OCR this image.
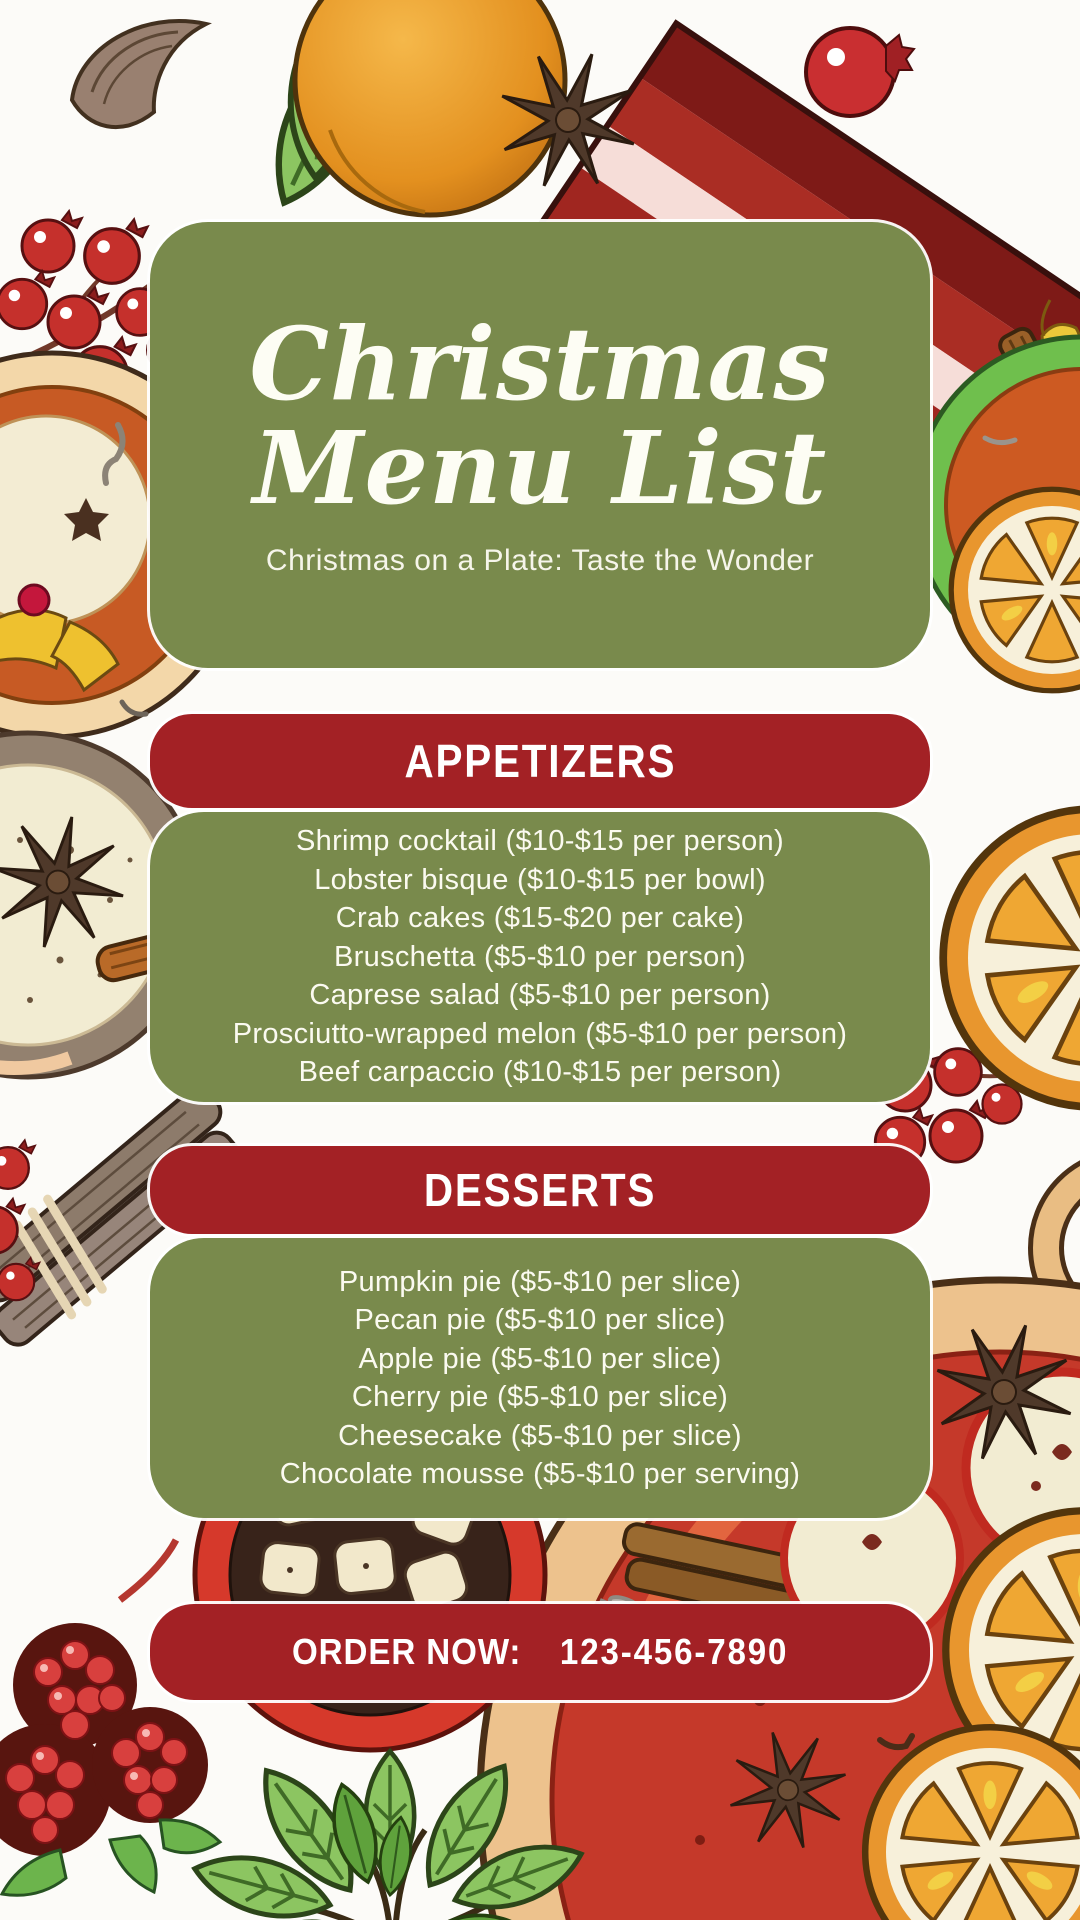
Christmas
Menu List
Christmas on a Plate: Taste the Wonder
APPETIZERS
Shrimp cocktail ($10-$15 per person)
Lobster bisque ($10-$15 per bowl)
Crab cakes ($15-$20 per cake)
Bruschetta ($5-$10 per person)
Caprese salad ($5-$10 per person)
Prosciutto-wrapped melon ($5-$10 per person)
Beef carpaccio ($10-$15 per person)
DESSERTS
Pumpkin pie ($5-$10 per slice)
Pecan pie ($5-$10 per slice)
Apple pie ($5-$10 per slice)
Cherry pie ($5-$10 per slice)
Cheesecake ($5-$10 per slice)
Chocolate mousse ($5-$10 per serving)
ORDER NOW: 123-456-7890
